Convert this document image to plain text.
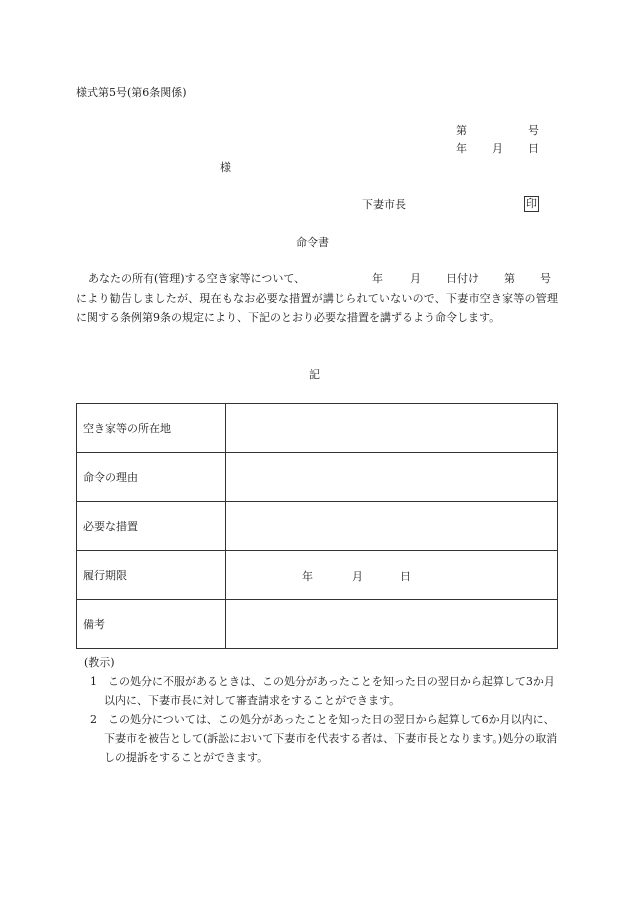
様式第5号(第6条関係)
第	号
年 月 日
様
下妻市長	印
命令書
あなたの所有(管理)する空き家等について、	年 月 日付け 第 号
により勧告しましたが、現在もなお必要な措置が講じられていないので、下妻市空き家等の管理に関する条例第9条の規定により、下記のとおり必要な措置を講ずるよう命令します。
記
空き家等の所在地	
命令の理由	
必要な措置	
履行期限	年 月 日

備考	
(教示)
1　この処分に不服があるときは、この処分があったことを知った日の翌日から起算して3か月以内に、下妻市長に対して審査請求をすることができます。
2　この処分については、この処分があったことを知った日の翌日から起算して6か月以内に、下妻市を被告として(訴訟において下妻市を代表する者は、下妻市長となります。)処分の取消しの提訴をすることができます。
